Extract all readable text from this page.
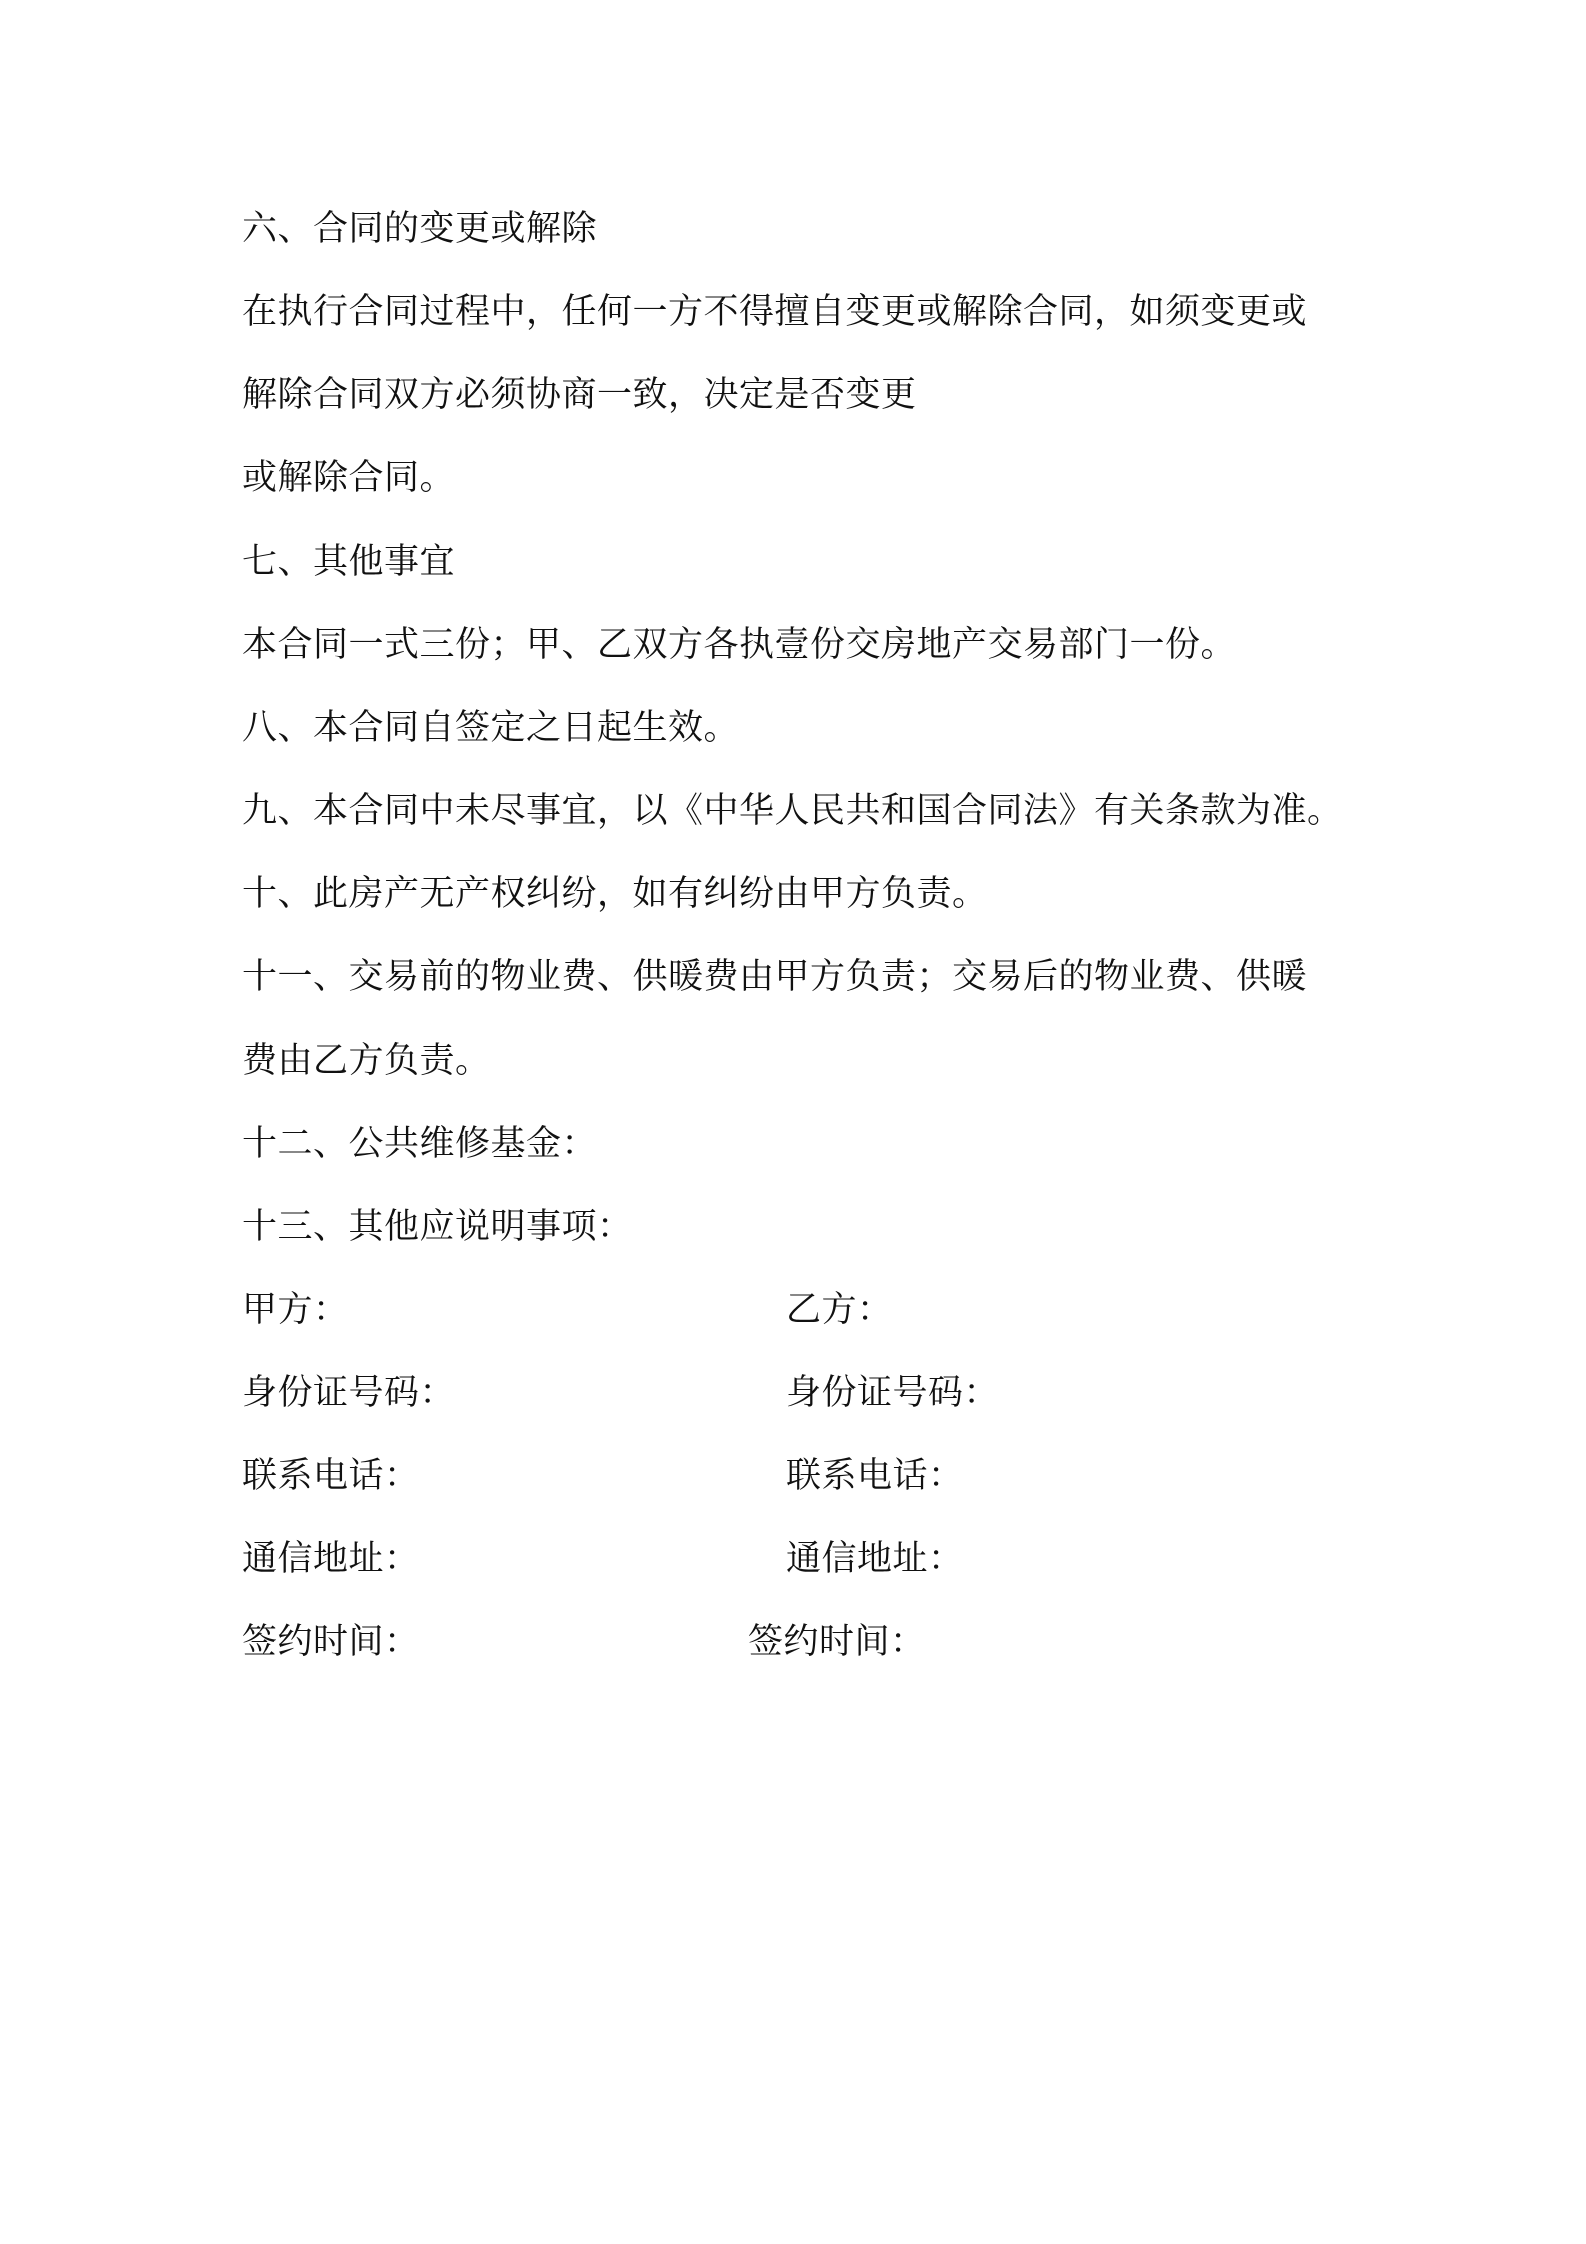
六、合同的变更或解除
在执行合同过程中，任何一方不得擅自变更或解除合同，如须变更或
解除合同双方必须协商一致，决定是否变更
或解除合同。
七、其他事宜
本合同一式三份；甲、乙双方各执壹份交房地产交易部门一份。
八、本合同自签定之日起生效。
九、本合同中未尽事宜，以《中华人民共和国合同法》有关条款为准。
十、此房产无产权纠纷，如有纠纷由甲方负责。
十一、交易前的物业费、供暖费由甲方负责；交易后的物业费、供暖
费由乙方负责。
十二、公共维修基金：
十三、其他应说明事项：
甲方：
身份证号码：
联系电话：
通信地址：
签约时间：
乙方：
身份证号码：
联系电话：
通信地址：
签约时间：
